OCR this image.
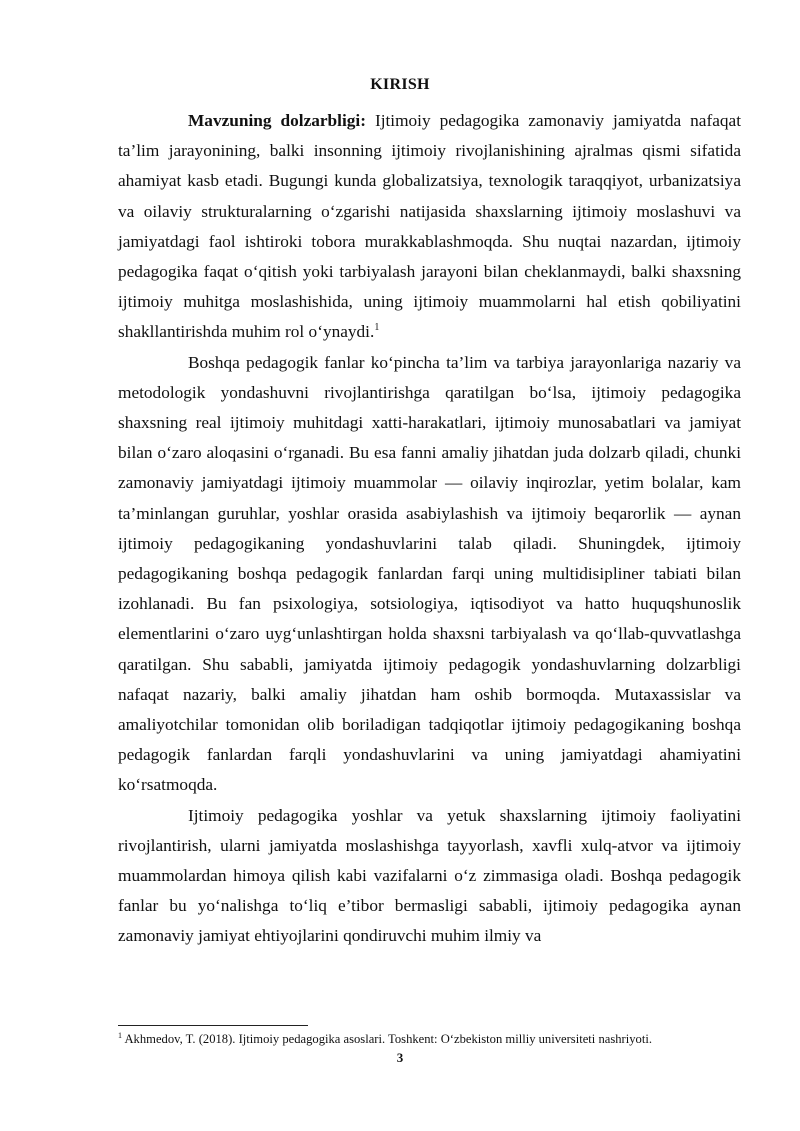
KIRISH

Mavzuning dolzarbligi: Ijtimoiy pedagogika zamonaviy jamiyatda nafaqat ta’lim jarayonining, balki insonning ijtimoiy rivojlanishining ajralmas qismi sifatida ahamiyat kasb etadi. Bugungi kunda globalizatsiya, texnologik taraqqiyot, urbanizatsiya va oilaviy strukturalarning o‘zgarishi natijasida shaxslarning ijtimoiy moslashuvi va jamiyatdagi faol ishtiroki tobora murakkablashmoqda. Shu nuqtai nazardan, ijtimoiy pedagogika faqat o‘qitish yoki tarbiyalash jarayoni bilan cheklanmaydi, balki shaxsning ijtimoiy muhitga moslashishida, uning ijtimoiy muammolarni hal etish qobiliyatini shakllantirishda muhim rol o‘ynaydi.$^1$

Boshqa pedagogik fanlar ko‘pincha ta’lim va tarbiya jarayonlariga nazariy va metodologik yondashuvni rivojlantirishga qaratilgan bo‘lsa, ijtimoiy pedagogika shaxsning real ijtimoiy muhitdagi xatti-harakatlari, ijtimoiy munosabatlari va jamiyat bilan o‘zaro aloqasini o‘rganadi. Bu esa fanni amaliy jihatdan juda dolzarb qiladi, chunki zamonaviy jamiyatdagi ijtimoiy muammolar — oilaviy inqirozlar, yetim bolalar, kam ta’minlangan guruhlar, yoshlar orasida asabiylashish va ijtimoiy beqarorlik — aynan ijtimoiy pedagogikaning yondashuvlarini talab qiladi. Shuningdek, ijtimoiy pedagogikaning boshqa pedagogik fanlardan farqi uning multidisipliner tabiati bilan izohlanadi. Bu fan psixologiya, sotsiologiya, iqtisodiyot va hatto huquqshunoslik elementlarini o‘zaro uyg‘unlashtirgan holda shaxsni tarbiyalash va qo‘llab-quvvatlashga qaratilgan. Shu sababli, jamiyatda ijtimoiy pedagogik yondashuvlarning dolzarbligi nafaqat nazariy, balki amaliy jihatdan ham oshib bormoqda. Mutaxassislar va amaliyotchilar tomonidan olib boriladigan tadqiqotlar ijtimoiy pedagogikaning boshqa pedagogik fanlardan farqli yondashuvlarini va uning jamiyatdagi ahamiyatini ko‘rsatmoqda.

Ijtimoiy pedagogika yoshlar va yetuk shaxslarning ijtimoiy faoliyatini rivojlantirish, ularni jamiyatda moslashishga tayyorlash, xavfli xulq-atvor va ijtimoiy muammolardan himoya qilish kabi vazifalarni o‘z zimmasiga oladi. Boshqa pedagogik fanlar bu yo‘nalishga to‘liq e’tibor bermasligi sababli, ijtimoiy pedagogika aynan zamonaviy jamiyat ehtiyojlarini qondiruvchi muhim ilmiy va

$^1$ Akhmedov, T. (2018). Ijtimoiy pedagogika asoslari. Toshkent: O‘zbekiston milliy universiteti nashriyoti.
3
